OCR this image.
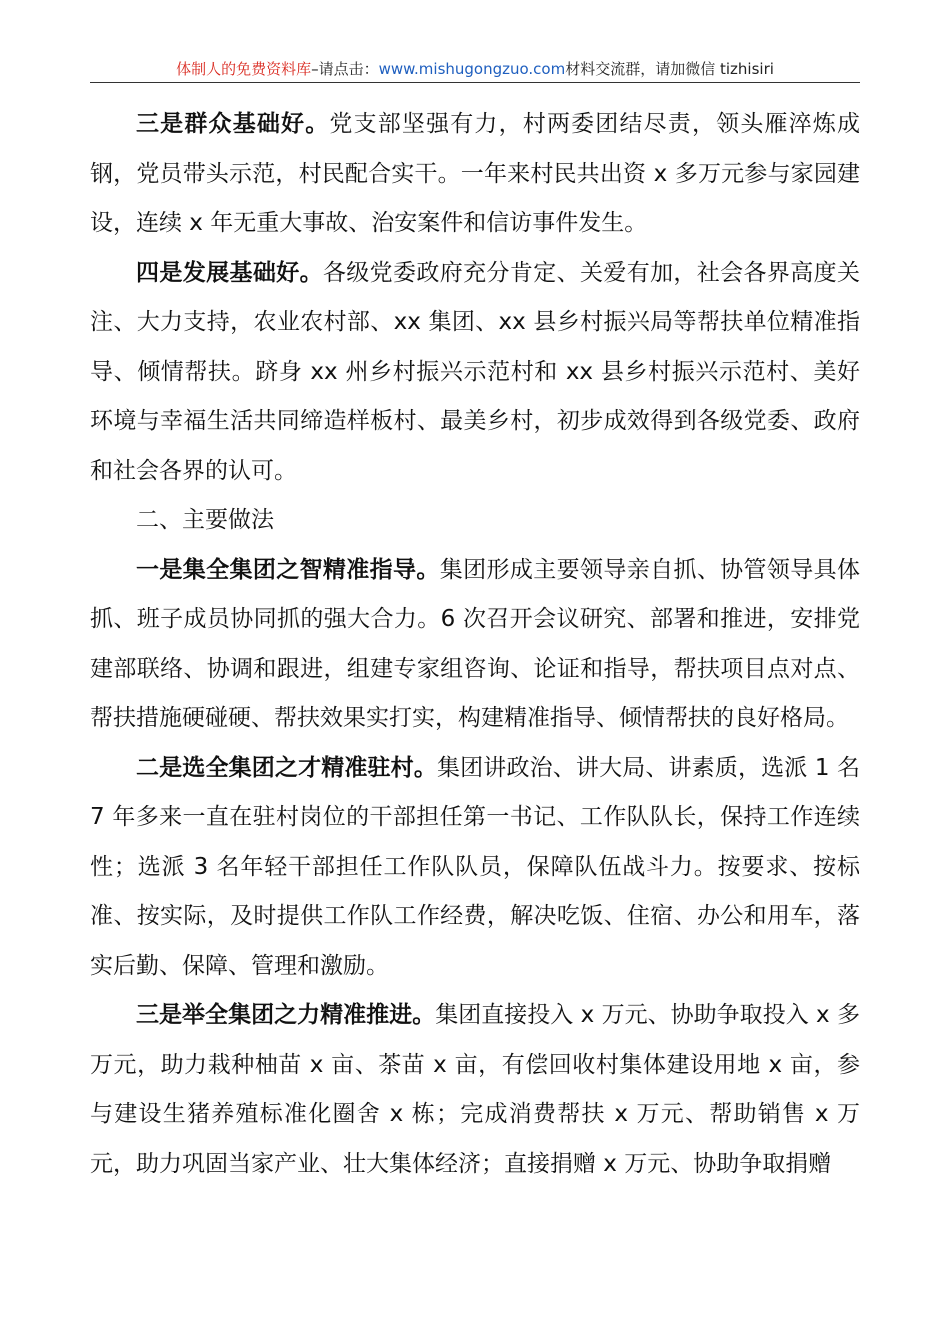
体制人的免费资料库–请点击：www.mishugongzuo.com材料交流群，请加微信 tizhisiri

三是群众基础好。党支部坚强有力，村两委团结尽责，领头雁淬炼成钢，党员带头示范，村民配合实干。一年来村民共出资 x 多万元参与家园建设，连续 x 年无重大事故、治安案件和信访事件发生。

四是发展基础好。各级党委政府充分肯定、关爱有加，社会各界高度关注、大力支持，农业农村部、xx 集团、xx 县乡村振兴局等帮扶单位精准指导、倾情帮扶。跻身 xx 州乡村振兴示范村和 xx 县乡村振兴示范村、美好环境与幸福生活共同缔造样板村、最美乡村，初步成效得到各级党委、政府和社会各界的认可。

二、主要做法

一是集全集团之智精准指导。集团形成主要领导亲自抓、协管领导具体抓、班子成员协同抓的强大合力。6 次召开会议研究、部署和推进，安排党建部联络、协调和跟进，组建专家组咨询、论证和指导，帮扶项目点对点、帮扶措施硬碰硬、帮扶效果实打实，构建精准指导、倾情帮扶的良好格局。

二是选全集团之才精准驻村。集团讲政治、讲大局、讲素质，选派 1 名 7 年多来一直在驻村岗位的干部担任第一书记、工作队队长，保持工作连续性；选派 3 名年轻干部担任工作队队员，保障队伍战斗力。按要求、按标准、按实际，及时提供工作队工作经费，解决吃饭、住宿、办公和用车，落实后勤、保障、管理和激励。

三是举全集团之力精准推进。集团直接投入 x 万元、协助争取投入 x 多万元，助力栽种柚苗 x 亩、茶苗 x 亩，有偿回收村集体建设用地 x 亩，参与建设生猪养殖标准化圈舍 x 栋；完成消费帮扶 x 万元、帮助销售 x 万元，助力巩固当家产业、壮大集体经济；直接捐赠 x 万元、协助争取捐赠
